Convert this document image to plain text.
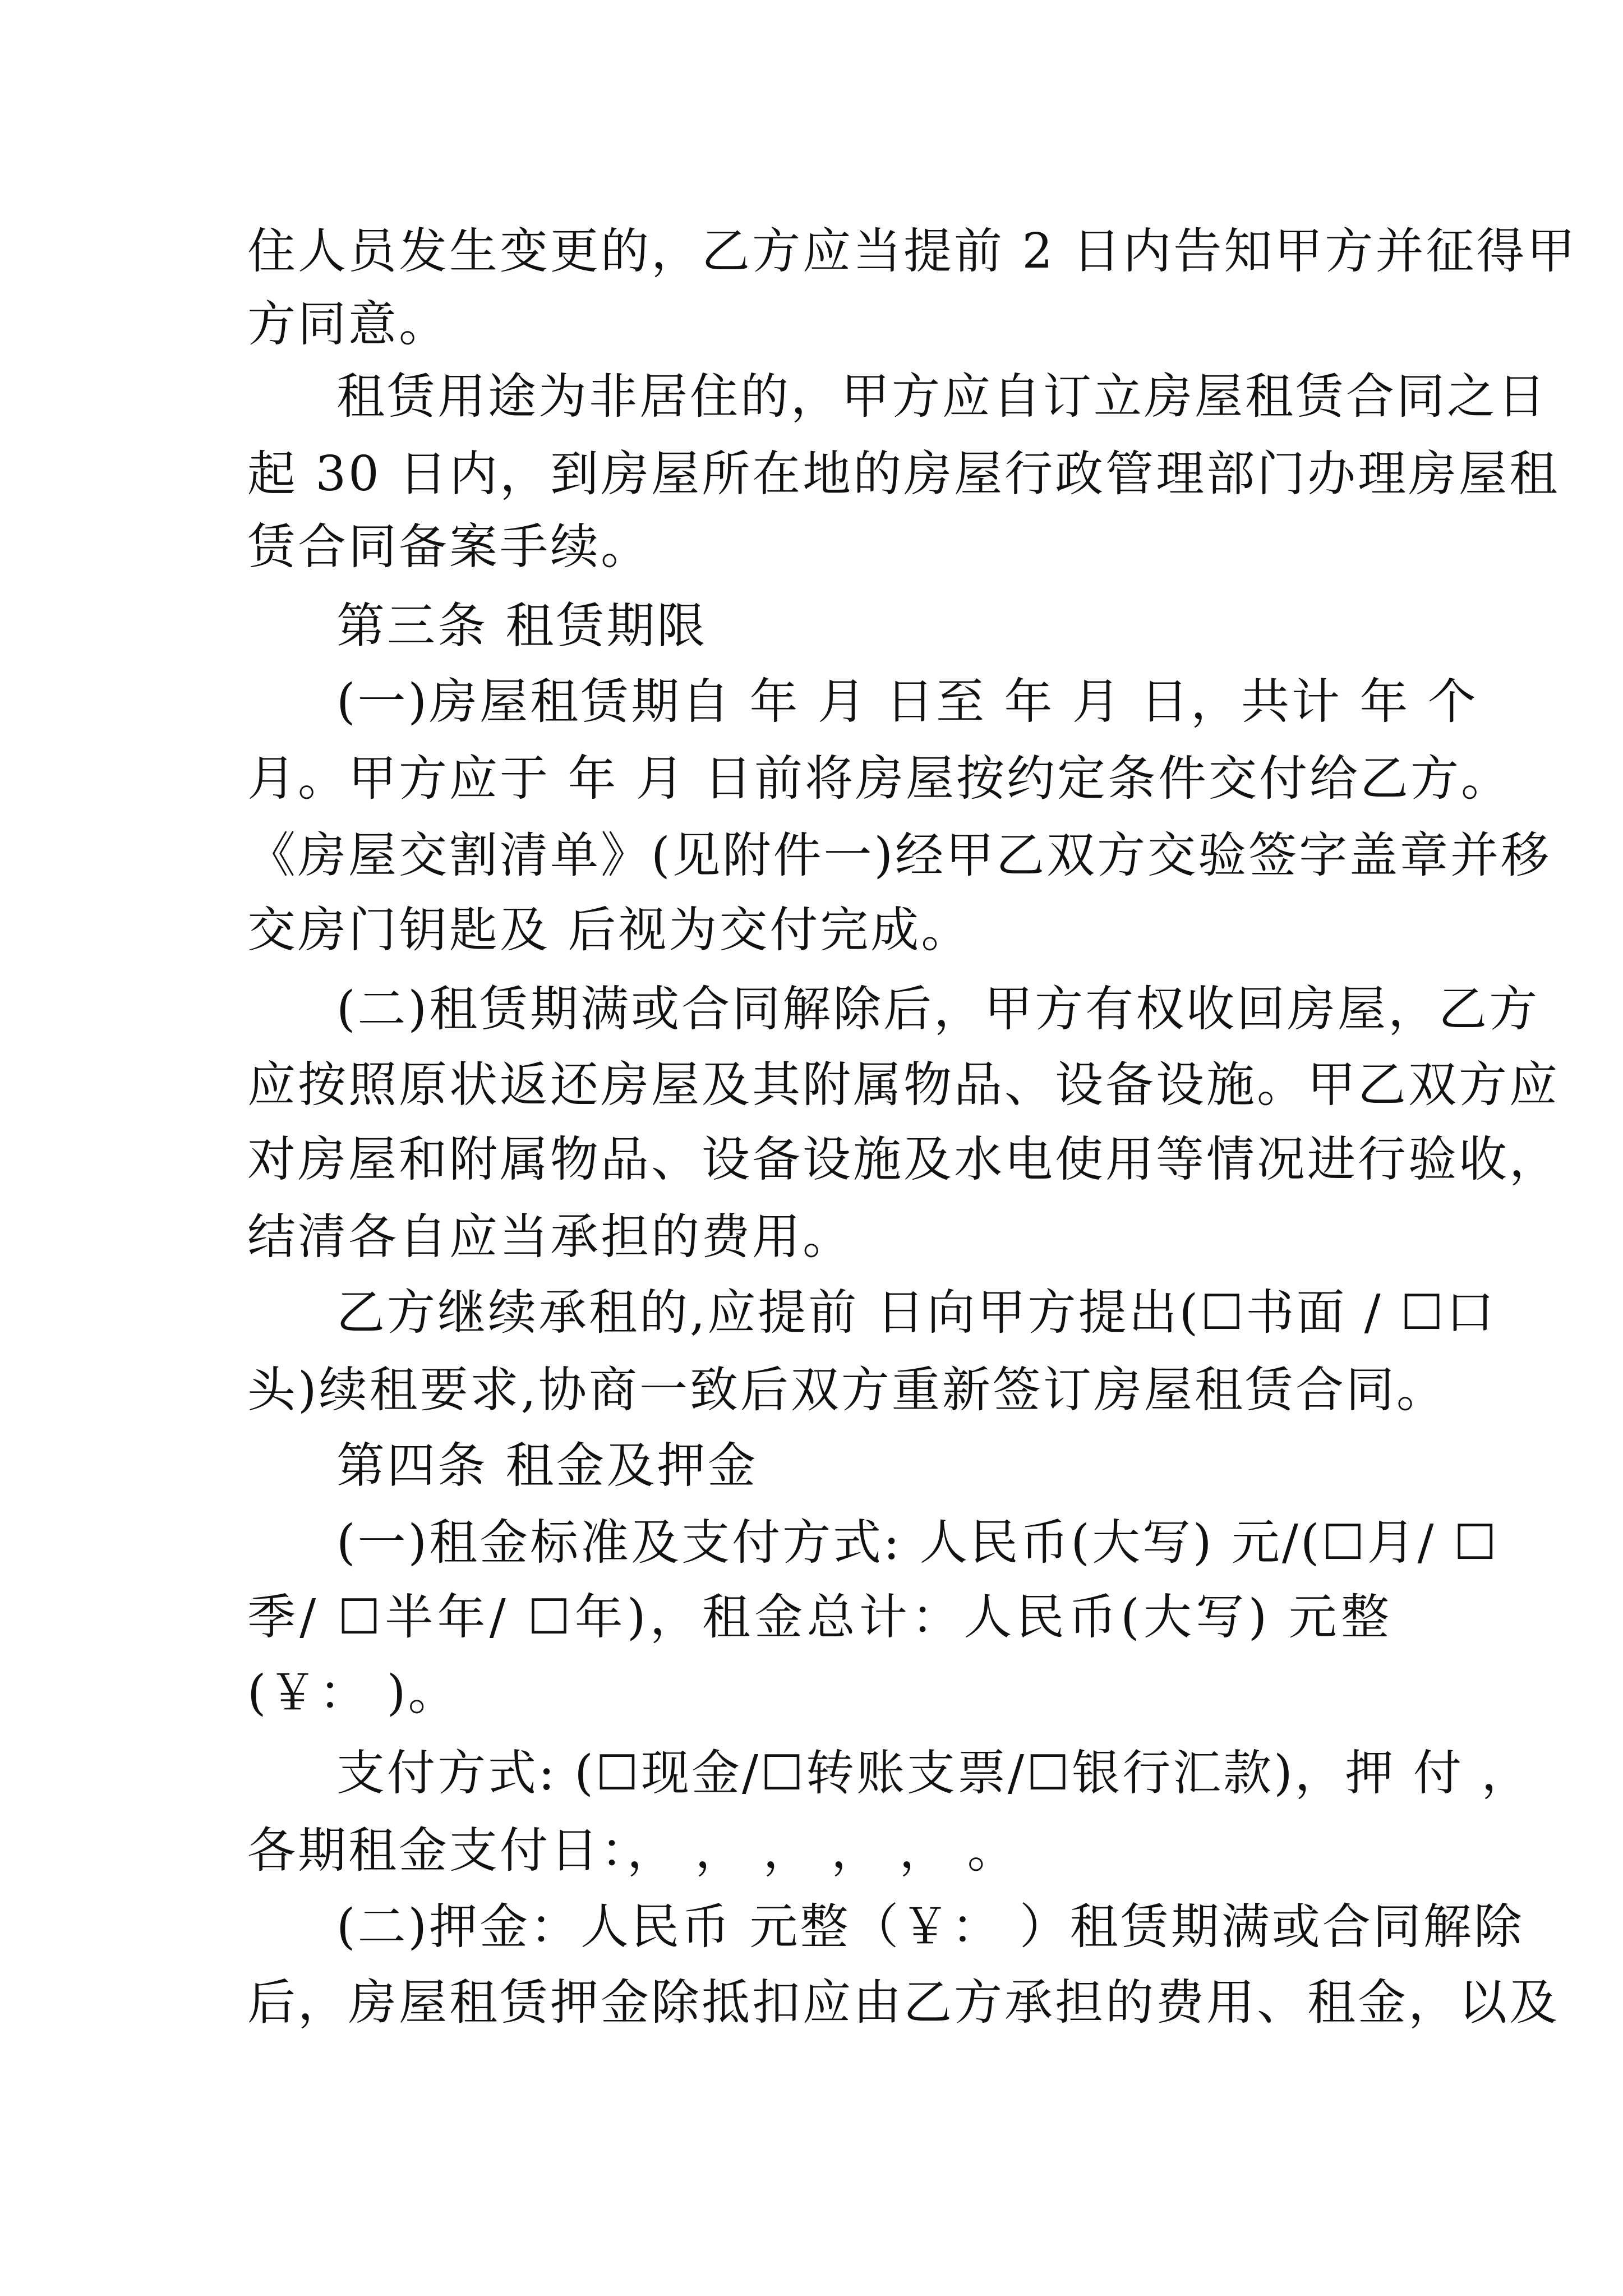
住人员发生变更的，乙方应当提前 2 日内告知甲方并征得甲

方同意。

租赁用途为非居住的，甲方应自订立房屋租赁合同之日

起 30 日内，到房屋所在地的房屋行政管理部门办理房屋租

赁合同备案手续。

第三条 租赁期限

(一)房屋租赁期自 年 月 日至 年 月 日，共计 年 个

月。甲方应于 年 月 日前将房屋按约定条件交付给乙方。

《房屋交割清单》(见附件一)经甲乙双方交验签字盖章并移

交房门钥匙及 后视为交付完成。

(二)租赁期满或合同解除后，甲方有权收回房屋，乙方

应按照原状返还房屋及其附属物品、设备设施。甲乙双方应

对房屋和附属物品、设备设施及水电使用等情况进行验收，

结清各自应当承担的费用。

乙方继续承租的,应提前 日向甲方提出(☐书面 / ☐口

头)续租要求,协商一致后双方重新签订房屋租赁合同。

第四条 租金及押金

(一)租金标准及支付方式: 人民币(大写) 元/(☐月/ ☐

季/ ☐半年/ ☐年)，租金总计：人民币(大写) 元整

(￥： )。

支付方式: (☐现金/☐转账支票/☐银行汇款)，押 付 ，

各期租金支付日：， ， ， ， ， 。

(二)押金：人民币 元整（￥： ）租赁期满或合同解除

后，房屋租赁押金除抵扣应由乙方承担的费用、租金，以及
